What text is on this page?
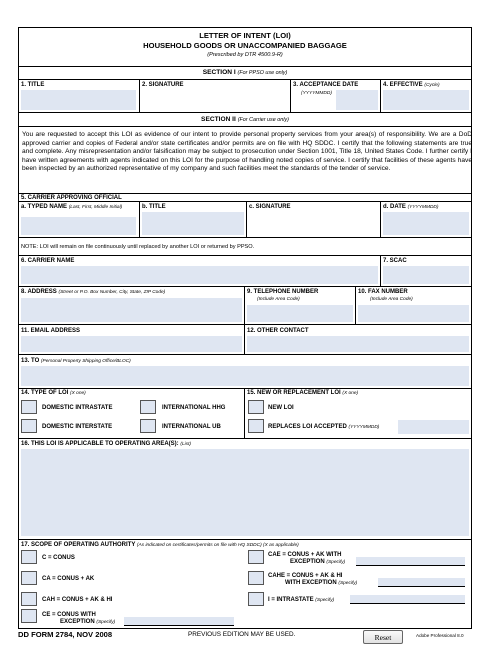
LETTER OF INTENT (LOI)
HOUSEHOLD GOODS OR UNACCOMPANIED BAGGAGE
(Prescribed by DTR 4500.9-R)
SECTION I (For PPSO use only)
1. TITLE	2. SIGNATURE	3. ACCEPTANCE DATE
(YYYYMMDD)
4. EFFECTIVE (Cycle)
SECTION II (For Carrier use only)
You are requested to accept this LOI as evidence of our intent to provide personal property services from your area(s) of responsibility. We are a DoD approved carrier and copies of Federal and/or state certificates and/or permits are on file with HQ SDDC. I certify that the following statements are true and complete. Any misrepresentation and/or falsification may be subject to prosecution under Section 1001, Title 18, United States Code. I further certify I have written agreements with agents indicated on this LOI for the purpose of handling noted copies of service. I certify that facilities of these agents have been inspected by an authorized representative of my company and such facilities meet the standards of the tender of service.
5. CARRIER APPROVING OFFICIAL
a. TYPED NAME (Last, First, Middle Initial)	b. TITLE	c. SIGNATURE	d. DATE (YYYYMMDD)
NOTE: LOI will remain on file continuously until replaced by another LOI or returned by PPSO.
6. CARRIER NAME	7. SCAC
8. ADDRESS (Street or P.O. Box Number, City, State, ZIP Code)	9. TELEPHONE NUMBER
(Include Area Code)
10. FAX NUMBER
(Include Area Code)
11. EMAIL ADDRESS	12. OTHER CONTACT
13. TO (Personal Property Shipping Office/BLOC)
14. TYPE OF LOI (X one)
DOMESTIC INTRASTATE	INTERNATIONAL HHG
DOMESTIC INTERSTATE	INTERNATIONAL UB
15. NEW OR REPLACEMENT LOI (X one)
NEW LOI
REPLACES LOI ACCEPTED (YYYYMMDD)
16. THIS LOI IS APPLICABLE TO OPERATING AREA(S): (List)
17. SCOPE OF OPERATING AUTHORITY (As indicated on certificates/permits on file with HQ SDDC) (X as applicable)
C = CONUS
CA = CONUS + AK
CAH = CONUS + AK & HI
CE = CONUS WITH
EXCEPTION (Specify)
CAE = CONUS + AK WITH
EXCEPTION (Specify)
CAHE = CONUS + AK & HI
WITH EXCEPTION (Specify)
I = INTRASTATE (Specify)
DD FORM 2784, NOV 2008	PREVIOUS EDITION MAY BE USED.	Reset	Adobe Professional 8.0
